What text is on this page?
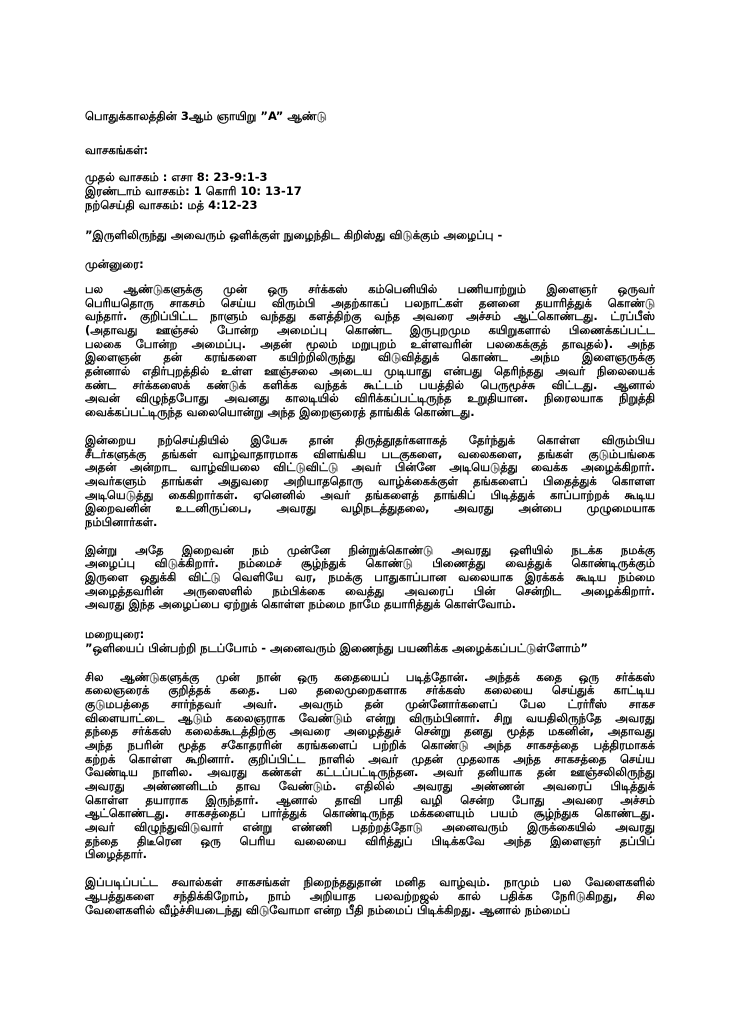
பொதுக்காலத்தின் 3ஆம் ஞாயிறு ”A” ஆண்டு
வாசகங்கள்:
முதல் வாசகம் : எசா 8: 23-9:1-3
இரண்டாம் வாசகம்: 1 கொரி 10: 13-17
நற்செய்தி வாசகம்: மத் 4:12-23
”இருளிலிருந்து அவைரும் ஒளிக்குள் நுழைந்திட கிறிஸ்து விடுக்கும் அழைப்பு -
முன்னுரை:
பல ஆண்டுகளுக்கு முன் ஒரு சர்க்கஸ் கம்பெனியில் பணியாற்றும் இளைஞர் ஒருவர்
பெரியதொரு சாகசம் செய்ய விரும்பி அதற்காகப் பலநாட்கள் தனனை தயாரித்துக் கொண்டு
வந்தார். குறிப்பிட்ட நாளும் வந்தது களத்திற்கு வந்த அவரை அச்சம் ஆட்கொண்டது. ட்ரப்பீஸ்
(அதாவது ஊஞ்சல் போன்ற அமைப்பு கொண்ட இருபுறமும கயிறுகளால் பிணைக்கப்பட்ட
பலகை போன்ற அமைப்பு. அதன் மூலம் மறுபுறம் உள்ளவரின் பலகைக்குத் தாவுதல்). அந்த
இளைஞன் தன் கரங்களை கயிற்றிலிருந்து விடுவித்துக் கொண்ட அந்ம இளைஞருக்கு
தன்னால் எதிர்புறத்தில் உள்ள ஊஞ்சலை அடைய முடியாது என்பது தெரிந்தது அவர் நிலையைக்
கண்ட சர்க்கஸைக் கண்டுக் களிக்க வந்தக் கூட்டம் பயத்தில் பெருமூச்சு விட்டது. ஆனால்
அவன் விழுந்தபோது அவனது காலடியில் விரிக்கப்பட்டிருந்த உறுதியான. நிரைலயாக நிறுத்தி
வைக்கப்பட்டிருந்த வலையொன்று அந்த இறைஞரைத் தாங்கிக் கொண்டது.
இன்றைய நற்செய்தியில் இயேசு தான் திருத்தூதர்களாகத் தேர்ந்துக் கொள்ள விரும்பிய
சீடர்களுக்கு தங்கள் வாழ்வாதாரமாக விளங்கிய படகுகளை, வலைகளை, தங்கள் குடும்பங்கை
அதன் அன்றாட வாழ்வியலை விட்டுவிட்டு அவர் பின்னே அடியெடுத்து வைக்க அழைக்கிறார்.
அவர்களும் தாங்கள் அதுவரை அறியாததொரு வாழ்க்கைக்குள் தங்களைப் பிதைத்துக் கொளள
அடியெடுத்து கைகிறார்கள். ஏனெனில் அவர் தங்களைத் தாங்கிப் பிடித்துக் காப்பாற்றக் கூடிய
இறைவனின் உடனிருப்பை, அவரது வழிநடத்துதலை, அவரது அன்பை முழுமையாக
நம்பினார்கள்.
இன்று அதே இறைவன் நம் முன்னே நின்றுக்கொண்டு அவரது ஒளியில் நடக்க நமக்கு
அழைப்பு விடுக்கிறார். நம்மைச் சூழ்ந்துக் கொண்டு பிணைத்து வைத்துக் கொண்டிருக்கும்
இருளை ஒதுக்கி விட்டு வெளியே வர, நமக்கு பாதுகாப்பான வலையாக இரக்கக் கூடிய நம்மை
அழைத்தவரின் அருஸைளில் நம்பிக்கை வைத்து அவரைப் பின் சென்றிட அழைக்கிறார்.
அவரது இந்த அழைப்பை ஏற்றுக் கொள்ள நம்மை நாமே தயாரித்துக் கொள்வோம்.
மறையுரை:
”ஒளியைப் பின்பற்றி நடப்போம் - அனைவரும் இணைந்து பயணிக்க அழைக்கப்பட்டுள்ளோம்”
சில ஆண்டுகளுக்கு முன் நான் ஒரு கதையைப் படித்தோன். அந்தக் கதை ஒரு சர்க்கஸ்
கலைஞரைக் குறித்தக் கதை. பல தலைமுறைகளாக சர்க்கஸ் கலையை செய்துக் காட்டிய
குடுமபத்தை சார்ந்தவர் அவர். அவரும் தன் முன்னோர்களைப் பேல ட்ரர்ரீஸ் சாகச
விளையாட்டை ஆடும் கலைஞராக வேண்டும் என்று விரும்பினார். சிறு வயதிலிருந்தே அவரது
தந்தை சர்க்கஸ் கலைக்கூடத்திற்கு அவரை அழைத்துச் சென்று தனது மூத்த மகனின், அதாவது
அந்த நபரின் மூத்த சகோதரரின் கரங்களைப் பற்றிக் கொண்டு அந்த சாகசத்தை பத்திரமாகக்
கற்றக் கொள்ள கூறினார். குறிப்பிட்ட நாளில் அவர் முதன் முதலாக அந்த சாகசத்தை செய்ய
வேண்டிய நாளில. அவரது கண்கள் கட்டப்பட்டிருந்தன. அவர் தனியாக தன் ஊஞ்சலிலிருந்து
அவரது அண்ணனிடம் தாவ வேண்டும். எதிலில் அவரது அண்ணன் அவரைப் பிடித்துக்
கொள்ள தயாராக இருந்தார். ஆனால் தாவி பாதி வழி சென்ற போது அவரை அச்சம்
ஆட்கொண்டது. சாகசத்தைப் பார்த்துக் கொண்டிருந்த மக்களையும் பயம் சூழ்ந்துக கொண்டது.
அவர் விழுந்துவிடுவார் என்று எண்ணி பதற்றத்தோடு அனைவரும் இருக்கையில் அவரது
தந்தை திடீரென ஒரு பெரிய வலையை விரித்துப் பிடிக்கவே அந்த இளைஞர் தப்பிப்
பிழைத்தார்.
இப்படிப்பட்ட சவால்கள் சாகசங்கள் நிறைந்ததுதான் மனித வாழ்வும். நாமும் பல வேளைகளில்
ஆபத்துகளை சந்திக்கிறோம், நாம் அறியாத பலவற்றஜல் கால் பதிக்க நேரிடுகிறது, சில
வேளைகளில் வீழ்ச்சியடைந்து விடுவோமா என்ற பீதி நம்மைப் பிடிக்கிறது. ஆனால் நம்மைப்
